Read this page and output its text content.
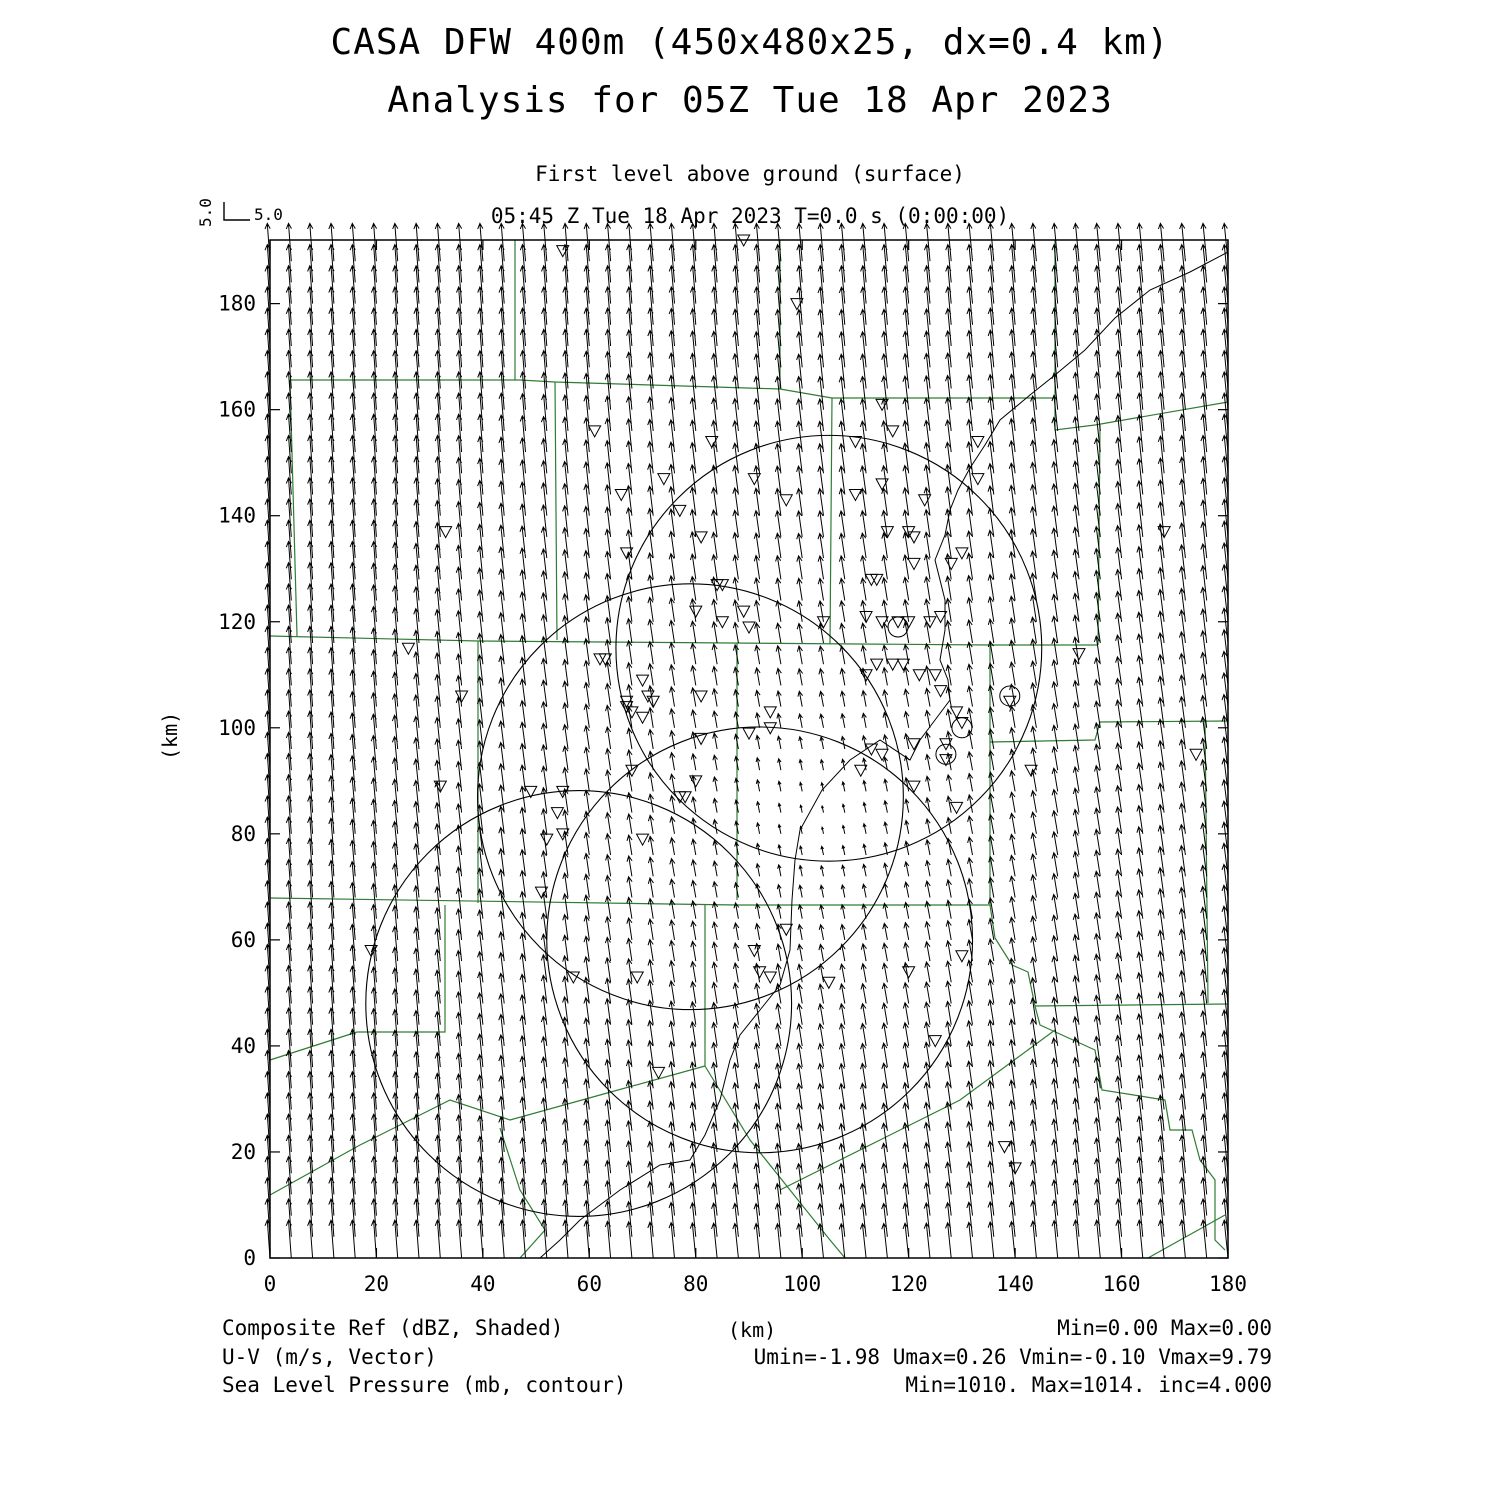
CASA DFW 400m (450x480x25, dx=0.4 km)
Analysis for 05Z Tue 18 Apr 2023
First level above ground (surface)
05:45 Z Tue 18 Apr 2023 T=0.0 s (0:00:00)
5.0
5.0
(km)
(km)
Composite Ref (dBZ, Shaded)	Min=0.00 Max=0.00
U-V (m/s, Vector)	Umin=-1.98 Umax=0.26 Vmin=-0.10 Vmax=9.79
Sea Level Pressure (mb, contour)	Min=1010. Max=1014. inc=4.000
0	20	40	60	80	100	120	140	160	180
0
20
40
60
80
100
120
140
160
180
